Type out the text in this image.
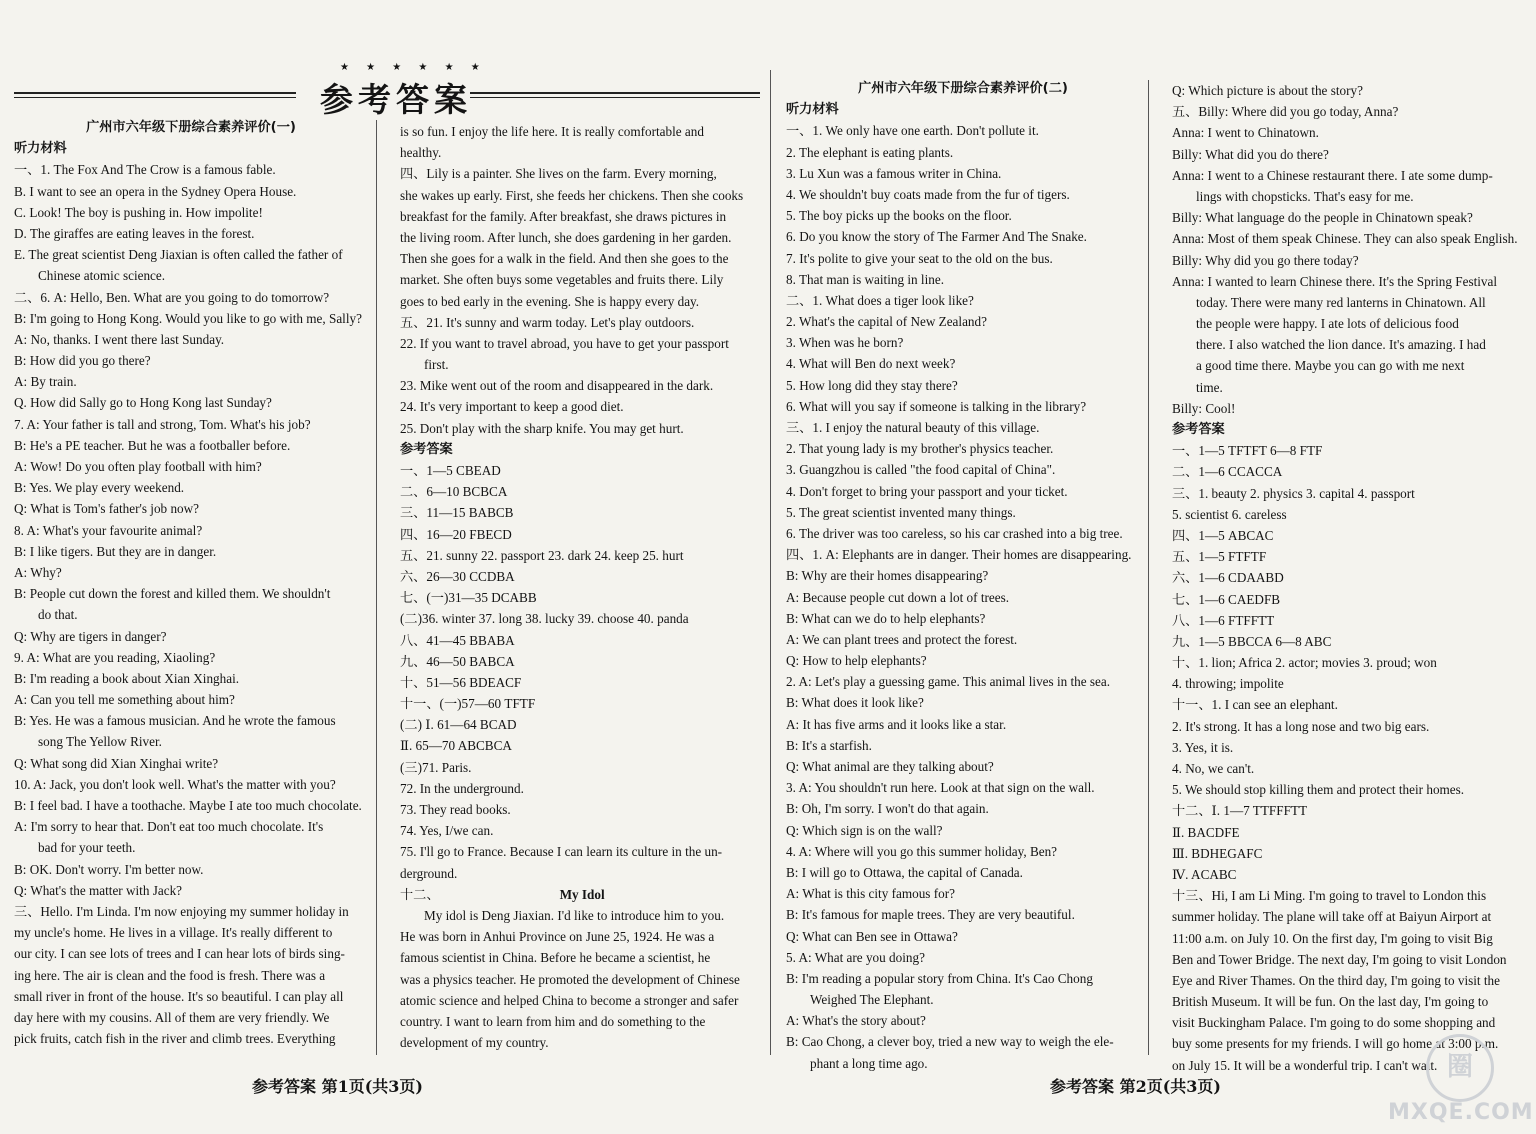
★ ★ ★ ★ ★ ★
参考答案
广州市六年级下册综合素养评价(一)
听力材料
一、1. The Fox And The Crow is a famous fable.
B. I want to see an opera in the Sydney Opera House.
C. Look! The boy is pushing in. How impolite!
D. The giraffes are eating leaves in the forest.
E. The great scientist Deng Jiaxian is often called the father of
Chinese atomic science.
二、6. A: Hello, Ben. What are you going to do tomorrow?
B: I'm going to Hong Kong. Would you like to go with me, Sally?
A: No, thanks. I went there last Sunday.
B: How did you go there?
A: By train.
Q. How did Sally go to Hong Kong last Sunday?
7. A: Your father is tall and strong, Tom. What's his job?
B: He's a PE teacher. But he was a footballer before.
A: Wow! Do you often play football with him?
B: Yes. We play every weekend.
Q: What is Tom's father's job now?
8. A: What's your favourite animal?
B: I like tigers. But they are in danger.
A: Why?
B: People cut down the forest and killed them. We shouldn't
do that.
Q: Why are tigers in danger?
9. A: What are you reading, Xiaoling?
B: I'm reading a book about Xian Xinghai.
A: Can you tell me something about him?
B: Yes. He was a famous musician. And he wrote the famous
song The Yellow River.
Q: What song did Xian Xinghai write?
10. A: Jack, you don't look well. What's the matter with you?
B: I feel bad. I have a toothache. Maybe I ate too much chocolate.
A: I'm sorry to hear that. Don't eat too much chocolate. It's
bad for your teeth.
B: OK. Don't worry. I'm better now.
Q: What's the matter with Jack?
三、Hello. I'm Linda. I'm now enjoying my summer holiday in
my uncle's home. He lives in a village. It's really different to
our city. I can see lots of trees and I can hear lots of birds sing-
ing here. The air is clean and the food is fresh. There was a
small river in front of the house. It's so beautiful. I can play all
day here with my cousins. All of them are very friendly. We
pick fruits, catch fish in the river and climb trees. Everything
is so fun. I enjoy the life here. It is really comfortable and
healthy.
四、Lily is a painter. She lives on the farm. Every morning,
she wakes up early. First, she feeds her chickens. Then she cooks
breakfast for the family. After breakfast, she draws pictures in
the living room. After lunch, she does gardening in her garden.
Then she goes for a walk in the field. And then she goes to the
market. She often buys some vegetables and fruits there. Lily
goes to bed early in the evening. She is happy every day.
五、21. It's sunny and warm today. Let's play outdoors.
22. If you want to travel abroad, you have to get your passport
first.
23. Mike went out of the room and disappeared in the dark.
24. It's very important to keep a good diet.
25. Don't play with the sharp knife. You may get hurt.
参考答案
一、1—5 CBEAD
二、6—10 BCBCA
三、11—15 BABCB
四、16—20 FBECD
五、21. sunny 22. passport 23. dark 24. keep 25. hurt
六、26—30 CCDBA
七、(一)31—35 DCABB
(二)36. winter 37. long 38. lucky 39. choose 40. panda
八、41—45 BBABA
九、46—50 BABCA
十、51—56 BDEACF
十一、(一)57—60 TFTF
(二) Ⅰ. 61—64 BCAD
Ⅱ. 65—70 ABCBCA
(三)71. Paris.
72. In the underground.
73. They read books.
74. Yes, I/we can.
75. I'll go to France. Because I can learn its culture in the un-
derground.
十二、	My Idol
My idol is Deng Jiaxian. I'd like to introduce him to you.
He was born in Anhui Province on June 25, 1924. He was a
famous scientist in China. Before he became a scientist, he
was a physics teacher. He promoted the development of Chinese
atomic science and helped China to become a stronger and safer
country. I want to learn from him and do something to the
development of my country.
广州市六年级下册综合素养评价(二)
听力材料
一、1. We only have one earth. Don't pollute it.
2. The elephant is eating plants.
3. Lu Xun was a famous writer in China.
4. We shouldn't buy coats made from the fur of tigers.
5. The boy picks up the books on the floor.
6. Do you know the story of The Farmer And The Snake.
7. It's polite to give your seat to the old on the bus.
8. That man is waiting in line.
二、1. What does a tiger look like?
2. What's the capital of New Zealand?
3. When was he born?
4. What will Ben do next week?
5. How long did they stay there?
6. What will you say if someone is talking in the library?
三、1. I enjoy the natural beauty of this village.
2. That young lady is my brother's physics teacher.
3. Guangzhou is called "the food capital of China".
4. Don't forget to bring your passport and your ticket.
5. The great scientist invented many things.
6. The driver was too careless, so his car crashed into a big tree.
四、1. A: Elephants are in danger. Their homes are disappearing.
B: Why are their homes disappearing?
A: Because people cut down a lot of trees.
B: What can we do to help elephants?
A: We can plant trees and protect the forest.
Q: How to help elephants?
2. A: Let's play a guessing game. This animal lives in the sea.
B: What does it look like?
A: It has five arms and it looks like a star.
B: It's a starfish.
Q: What animal are they talking about?
3. A: You shouldn't run here. Look at that sign on the wall.
B: Oh, I'm sorry. I won't do that again.
Q: Which sign is on the wall?
4. A: Where will you go this summer holiday, Ben?
B: I will go to Ottawa, the capital of Canada.
A: What is this city famous for?
B: It's famous for maple trees. They are very beautiful.
Q: What can Ben see in Ottawa?
5. A: What are you doing?
B: I'm reading a popular story from China. It's Cao Chong
Weighed The Elephant.
A: What's the story about?
B: Cao Chong, a clever boy, tried a new way to weigh the ele-
phant a long time ago.
Q: Which picture is about the story?
五、Billy: Where did you go today, Anna?
Anna: I went to Chinatown.
Billy: What did you do there?
Anna: I went to a Chinese restaurant there. I ate some dump-
lings with chopsticks. That's easy for me.
Billy: What language do the people in Chinatown speak?
Anna: Most of them speak Chinese. They can also speak English.
Billy: Why did you go there today?
Anna: I wanted to learn Chinese there. It's the Spring Festival
today. There were many red lanterns in Chinatown. All
the people were happy. I ate lots of delicious food
there. I also watched the lion dance. It's amazing. I had
a good time there. Maybe you can go with me next
time.
Billy: Cool!
参考答案
一、1—5 TFTFT 6—8 FTF
二、1—6 CCACCA
三、1. beauty 2. physics 3. capital 4. passport
5. scientist 6. careless
四、1—5 ABCAC
五、1—5 FTFTF
六、1—6 CDAABD
七、1—6 CAEDFB
八、1—6 FTFFTT
九、1—5 BBCCA 6—8 ABC
十、1. lion; Africa 2. actor; movies 3. proud; won
4. throwing; impolite
十一、1. I can see an elephant.
2. It's strong. It has a long nose and two big ears.
3. Yes, it is.
4. No, we can't.
5. We should stop killing them and protect their homes.
十二、Ⅰ. 1—7 TTFFFTT
Ⅱ. BACDFE
Ⅲ. BDHEGAFC
Ⅳ. ACABC
十三、Hi, I am Li Ming. I'm going to travel to London this
summer holiday. The plane will take off at Baiyun Airport at
11:00 a.m. on July 10. On the first day, I'm going to visit Big
Ben and Tower Bridge. The next day, I'm going to visit London
Eye and River Thames. On the third day, I'm going to visit the
British Museum. It will be fun. On the last day, I'm going to
visit Buckingham Palace. I'm going to do some shopping and
buy some presents for my friends. I will go home at 3:00 p.m.
on July 15. It will be a wonderful trip. I can't wait.
参考答案 第1页(共3页)	参考答案 第2页(共3页)
圈
MXQE.COM
